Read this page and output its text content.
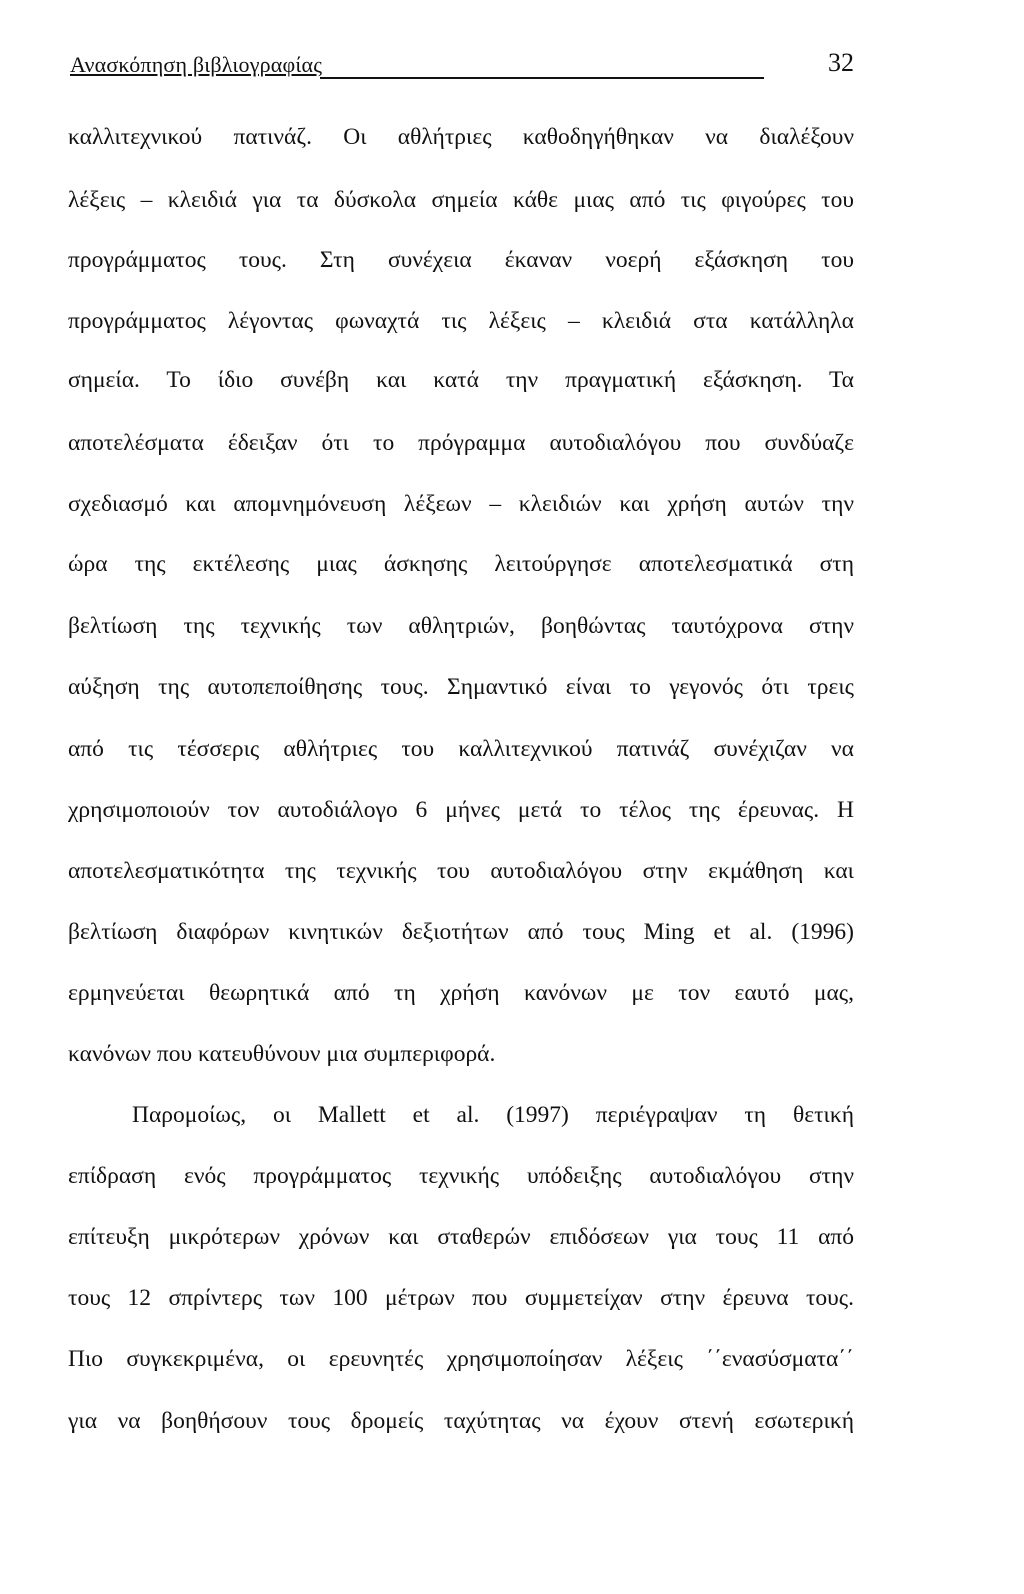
Ανασκόπηση βιβλιογραφίας	32
καλλιτεχνικού πατινάζ. Οι αθλήτριες καθοδηγήθηκαν να διαλέξουν
λέξεις – κλειδιά για τα δύσκολα σημεία κάθε μιας από τις φιγούρες του
προγράμματος τους. Στη συνέχεια έκαναν νοερή εξάσκηση του
προγράμματος λέγοντας φωναχτά τις λέξεις – κλειδιά στα κατάλληλα
σημεία. Το ίδιο συνέβη και κατά την πραγματική εξάσκηση. Τα
αποτελέσματα έδειξαν ότι το πρόγραμμα αυτοδιαλόγου που συνδύαζε
σχεδιασμό και απομνημόνευση λέξεων – κλειδιών και χρήση αυτών την
ώρα της εκτέλεσης μιας άσκησης λειτούργησε αποτελεσματικά στη
βελτίωση της τεχνικής των αθλητριών, βοηθώντας ταυτόχρονα στην
αύξηση της αυτοπεποίθησης τους. Σημαντικό είναι το γεγονός ότι τρεις
από τις τέσσερις αθλήτριες του καλλιτεχνικού πατινάζ συνέχιζαν να
χρησιμοποιούν τον αυτοδιάλογο 6 μήνες μετά το τέλος της έρευνας. Η
αποτελεσματικότητα της τεχνικής του αυτοδιαλόγου στην εκμάθηση και
βελτίωση διαφόρων κινητικών δεξιοτήτων από τους Ming et al. (1996)
ερμηνεύεται θεωρητικά από τη χρήση κανόνων με τον εαυτό μας,
κανόνων που κατευθύνουν μια συμπεριφορά.
Παρομοίως, οι Mallett et al. (1997) περιέγραψαν τη θετική
επίδραση ενός προγράμματος τεχνικής υπόδειξης αυτοδιαλόγου στην
επίτευξη μικρότερων χρόνων και σταθερών επιδόσεων για τους 11 από
τους 12 σπρίντερς των 100 μέτρων που συμμετείχαν στην έρευνα τους.
Πιο συγκεκριμένα, οι ερευνητές χρησιμοποίησαν λέξεις ΄΄ενασύσματα΄΄
για να βοηθήσουν τους δρομείς ταχύτητας να έχουν στενή εσωτερική
